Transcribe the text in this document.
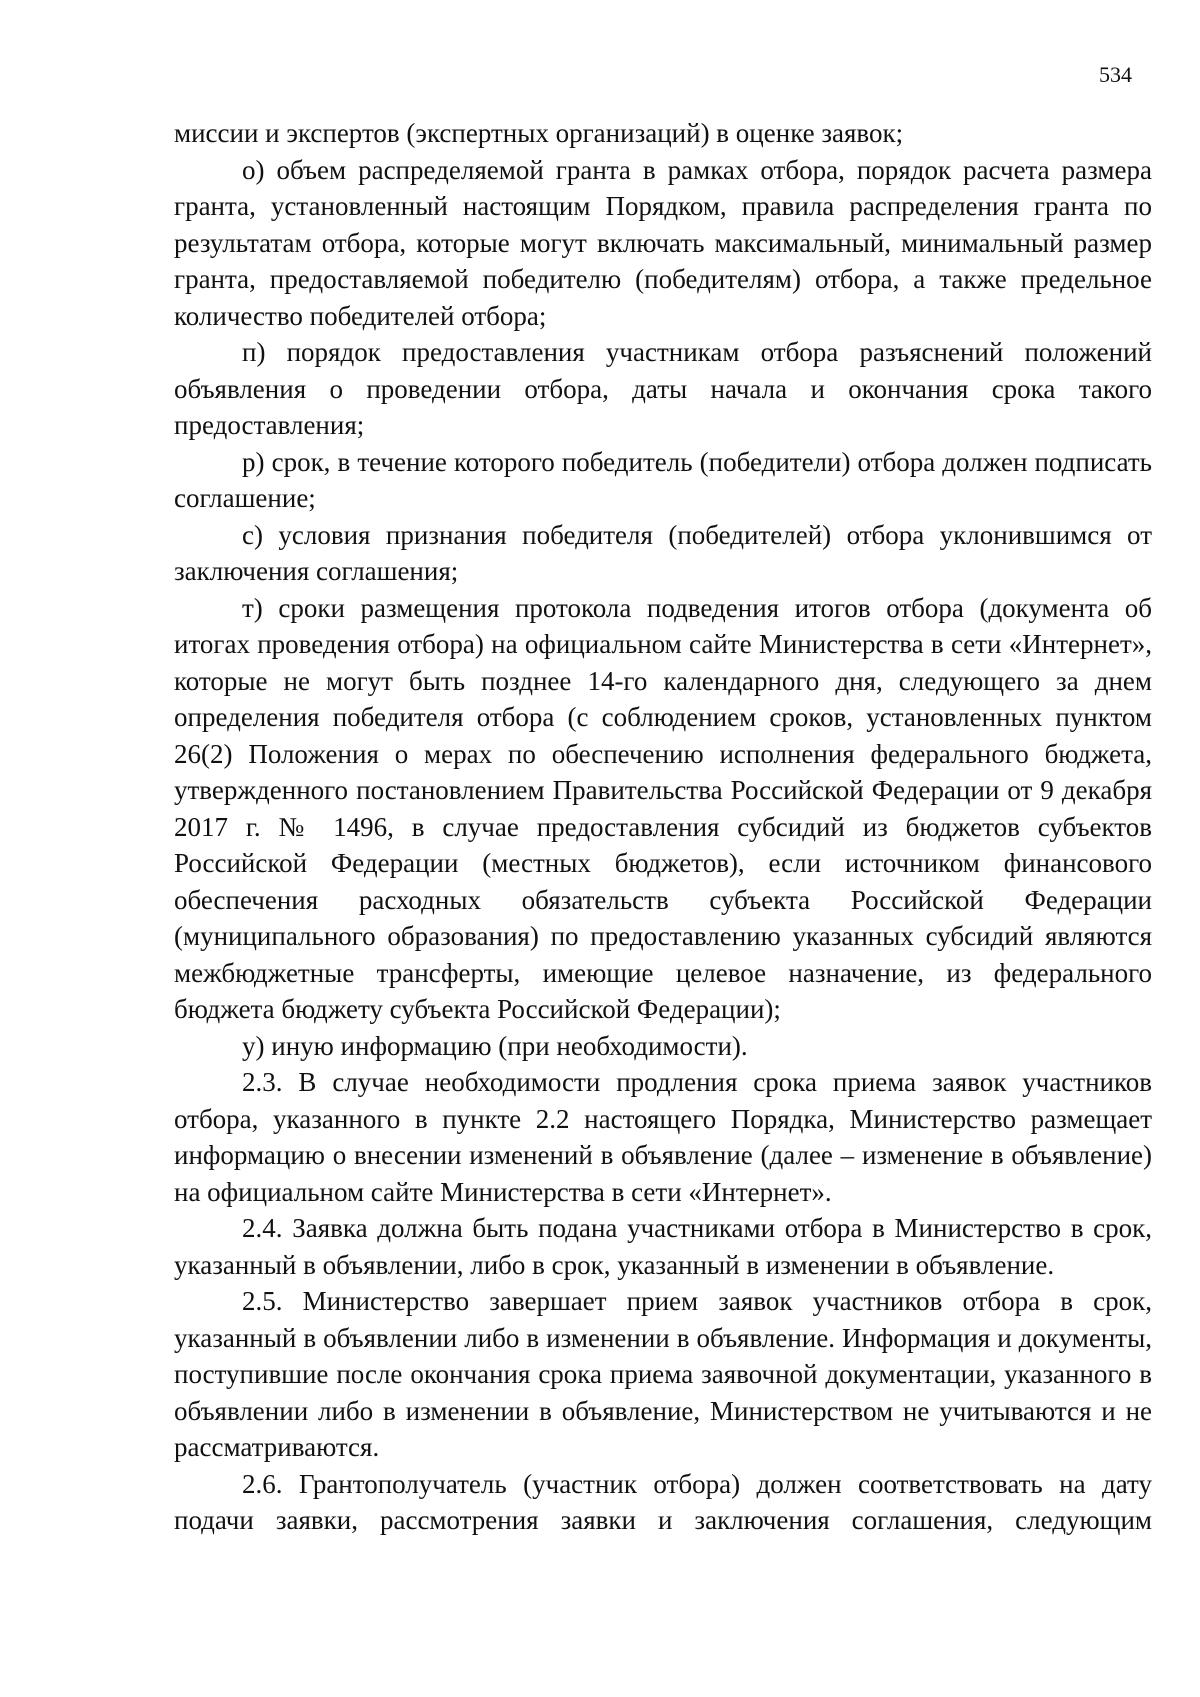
534

миссии и экспертов (экспертных организаций) в оценке заявок;

о) объем распределяемой гранта в рамках отбора, порядок расчета размера гранта, установленный настоящим Порядком, правила распределения гранта по результатам отбора, которые могут включать максимальный, минимальный размер гранта, предоставляемой победителю (победителям) отбора, а также предельное количество победителей отбора;

п) порядок предоставления участникам отбора разъяснений положений объявления о проведении отбора, даты начала и окончания срока такого предоставления;

р) срок, в течение которого победитель (победители) отбора должен подписать соглашение;

с) условия признания победителя (победителей) отбора уклонившимся от заключения соглашения;

т) сроки размещения протокола подведения итогов отбора (документа об итогах проведения отбора) на официальном сайте Министерства в сети «Интернет», которые не могут быть позднее 14-го календарного дня, следующего за днем определения победителя отбора (с соблюдением сроков, установленных пунктом 26(2) Положения о мерах по обеспечению исполнения федерального бюджета, утвержденного постановлением Правительства Российской Федерации от 9 декабря 2017 г. № 1496, в случае предоставления субсидий из бюджетов субъектов Российской Федерации (местных бюджетов), если источником финансового обеспечения расходных обязательств субъекта Российской Федерации (муниципального образования) по предоставлению указанных субсидий являются межбюджетные трансферты, имеющие целевое назначение, из федерального бюджета бюджету субъекта Российской Федерации);

у) иную информацию (при необходимости).

2.3. В случае необходимости продления срока приема заявок участников отбора, указанного в пункте 2.2 настоящего Порядка, Министерство размещает информацию о внесении изменений в объявление (далее – изменение в объявление) на официальном сайте Министерства в сети «Интернет».

2.4. Заявка должна быть подана участниками отбора в Министерство в срок, указанный в объявлении, либо в срок, указанный в изменении в объявление.

2.5. Министерство завершает прием заявок участников отбора в срок, указанный в объявлении либо в изменении в объявление. Информация и документы, поступившие после окончания срока приема заявочной документации, указанного в объявлении либо в изменении в объявление, Министерством не учитываются и не рассматриваются.

2.6. Грантополучатель (участник отбора) должен соответствовать на дату подачи заявки, рассмотрения заявки и заключения соглашения, следующим
